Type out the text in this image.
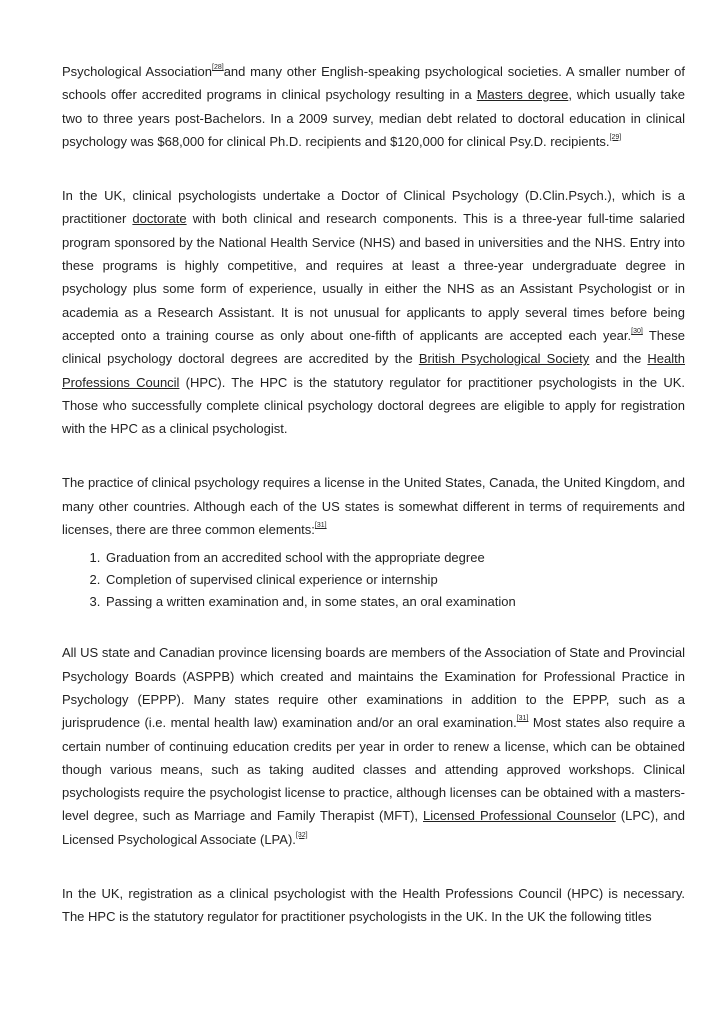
Psychological Association[28]and many other English-speaking psychological societies. A smaller number of schools offer accredited programs in clinical psychology resulting in a Masters degree, which usually take two to three years post-Bachelors. In a 2009 survey, median debt related to doctoral education in clinical psychology was $68,000 for clinical Ph.D. recipients and $120,000 for clinical Psy.D. recipients.[29]

In the UK, clinical psychologists undertake a Doctor of Clinical Psychology (D.Clin.Psych.), which is a practitioner doctorate with both clinical and research components. This is a three-year full-time salaried program sponsored by the National Health Service (NHS) and based in universities and the NHS. Entry into these programs is highly competitive, and requires at least a three-year undergraduate degree in psychology plus some form of experience, usually in either the NHS as an Assistant Psychologist or in academia as a Research Assistant. It is not unusual for applicants to apply several times before being accepted onto a training course as only about one-fifth of applicants are accepted each year.[30] These clinical psychology doctoral degrees are accredited by the British Psychological Society and the Health Professions Council (HPC). The HPC is the statutory regulator for practitioner psychologists in the UK. Those who successfully complete clinical psychology doctoral degrees are eligible to apply for registration with the HPC as a clinical psychologist.

The practice of clinical psychology requires a license in the United States, Canada, the United Kingdom, and many other countries. Although each of the US states is somewhat different in terms of requirements and licenses, there are three common elements:[31]

1. Graduation from an accredited school with the appropriate degree
2. Completion of supervised clinical experience or internship
3. Passing a written examination and, in some states, an oral examination

All US state and Canadian province licensing boards are members of the Association of State and Provincial Psychology Boards (ASPPB) which created and maintains the Examination for Professional Practice in Psychology (EPPP). Many states require other examinations in addition to the EPPP, such as a jurisprudence (i.e. mental health law) examination and/or an oral examination.[31] Most states also require a certain number of continuing education credits per year in order to renew a license, which can be obtained though various means, such as taking audited classes and attending approved workshops. Clinical psychologists require the psychologist license to practice, although licenses can be obtained with a masters-level degree, such as Marriage and Family Therapist (MFT), Licensed Professional Counselor (LPC), and Licensed Psychological Associate (LPA).[32]

In the UK, registration as a clinical psychologist with the Health Professions Council (HPC) is necessary. The HPC is the statutory regulator for practitioner psychologists in the UK. In the UK the following titles
